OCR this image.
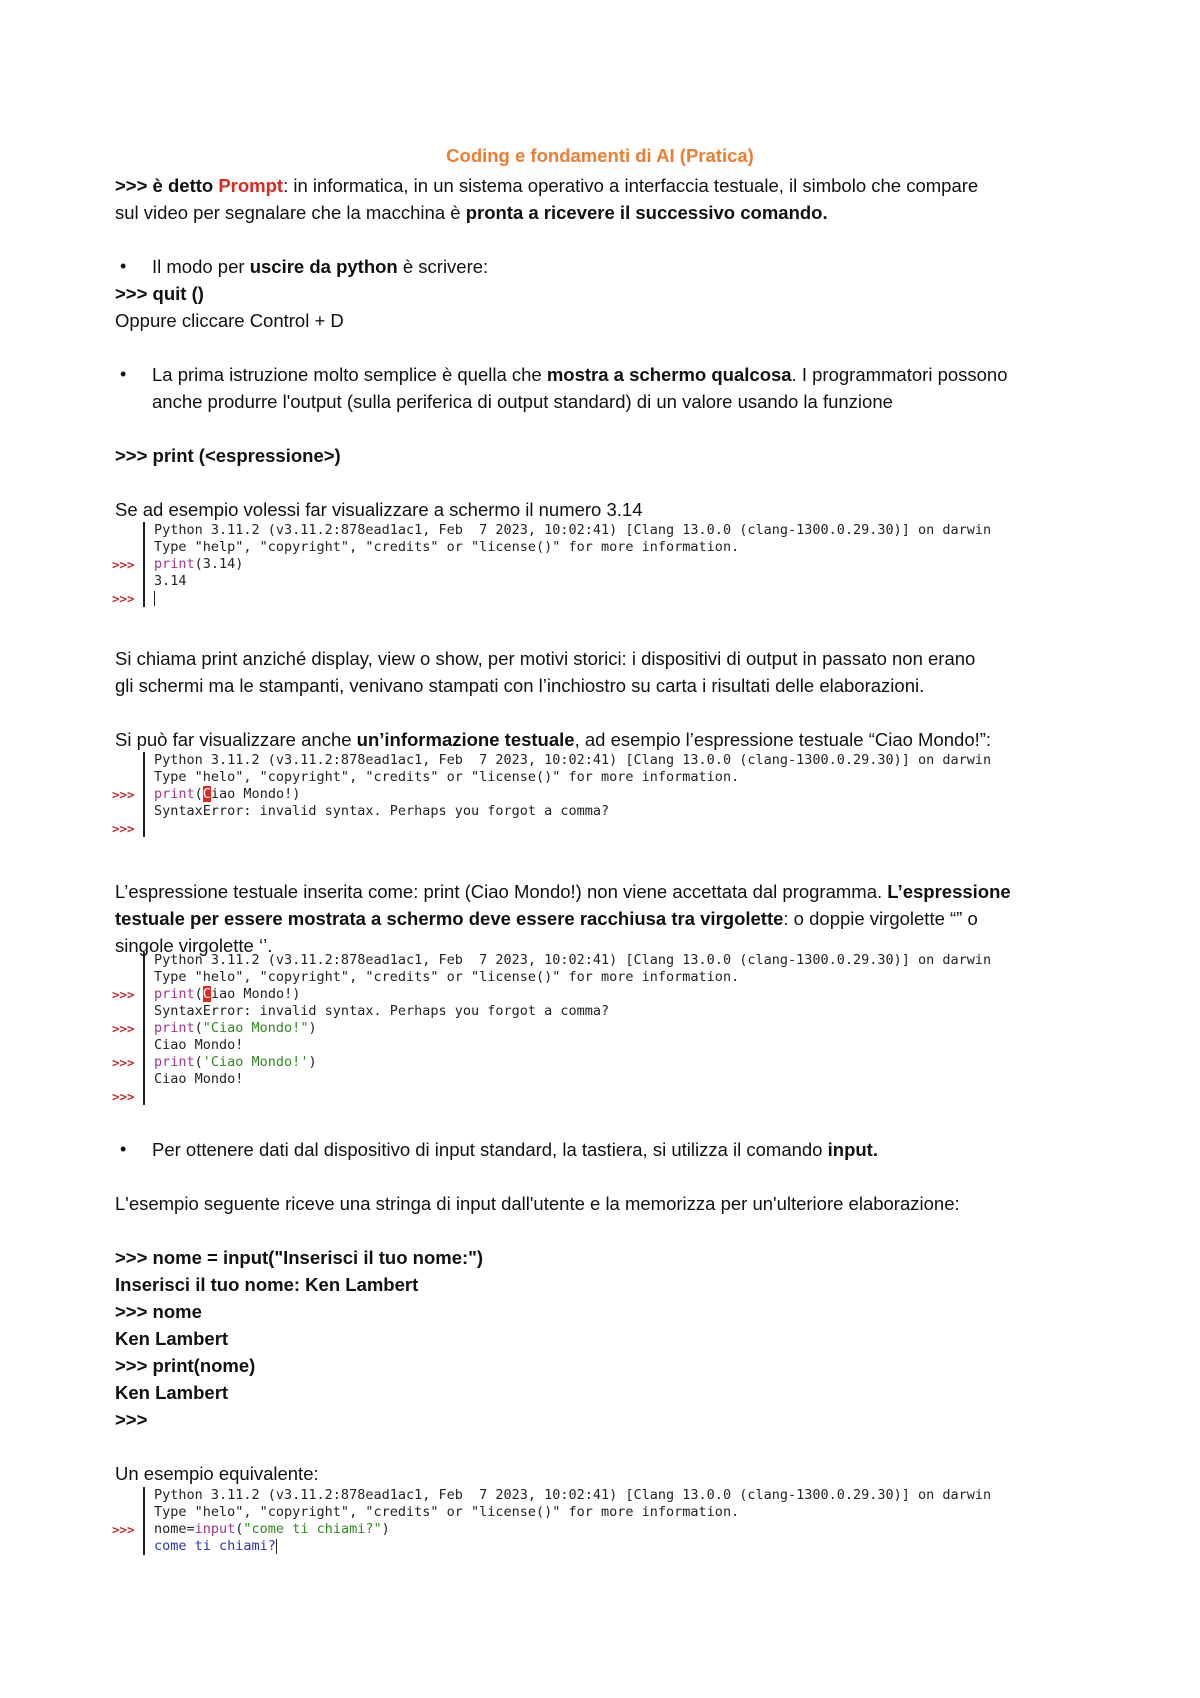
Coding e fondamenti di AI (Pratica)
>>> è detto Prompt: in informatica, in un sistema operativo a interfaccia testuale, il simbolo che compare
sul video per segnalare che la macchina è pronta a ricevere il successivo comando.
• Il modo per uscire da python è scrivere:
>>> quit ()
Oppure cliccare Control + D
• La prima istruzione molto semplice è quella che mostra a schermo qualcosa. I programmatori possono
anche produrre l'output (sulla periferica di output standard) di un valore usando la funzione
>>> print (<espressione>)
Se ad esempio volessi far visualizzare a schermo il numero 3.14
Python 3.11.2 (v3.11.2:878ead1ac1, Feb  7 2023, 10:02:41) [Clang 13.0.0 (clang-1300.0.29.30)] on darwin
Type "help", "copyright", "credits" or "license()" for more information.
>>>	print(3.14)
3.14
>>>
Si chiama print anziché display, view o show, per motivi storici: i dispositivi di output in passato non erano
gli schermi ma le stampanti, venivano stampati con l’inchiostro su carta i risultati delle elaborazioni.
Si può far visualizzare anche un’informazione testuale, ad esempio l’espressione testuale “Ciao Mondo!”:
Python 3.11.2 (v3.11.2:878ead1ac1, Feb  7 2023, 10:02:41) [Clang 13.0.0 (clang-1300.0.29.30)] on darwin
Type "helo", "copyright", "credits" or "license()" for more information.
>>>	print(Ciao Mondo!)
SyntaxError: invalid syntax. Perhaps you forgot a comma?
>>>
L’espressione testuale inserita come: print (Ciao Mondo!) non viene accettata dal programma. L’espressione
testuale per essere mostrata a schermo deve essere racchiusa tra virgolette: o doppie virgolette “” o
singole virgolette ‘’.
Python 3.11.2 (v3.11.2:878ead1ac1, Feb  7 2023, 10:02:41) [Clang 13.0.0 (clang-1300.0.29.30)] on darwin
Type "helo", "copyright", "credits" or "license()" for more information.
>>>	print(Ciao Mondo!)
SyntaxError: invalid syntax. Perhaps you forgot a comma?
>>>	print("Ciao Mondo!")
Ciao Mondo!
>>>	print('Ciao Mondo!')
Ciao Mondo!
>>>
• Per ottenere dati dal dispositivo di input standard, la tastiera, si utilizza il comando input.
L'esempio seguente riceve una stringa di input dall'utente e la memorizza per un'ulteriore elaborazione:
>>> nome = input("Inserisci il tuo nome:")
Inserisci il tuo nome: Ken Lambert
>>> nome
Ken Lambert
>>> print(nome)
Ken Lambert
>>>
Un esempio equivalente:
Python 3.11.2 (v3.11.2:878ead1ac1, Feb  7 2023, 10:02:41) [Clang 13.0.0 (clang-1300.0.29.30)] on darwin
Type "helo", "copyright", "credits" or "license()" for more information.
>>>	nome=input("come ti chiami?")
come ti chiami?
